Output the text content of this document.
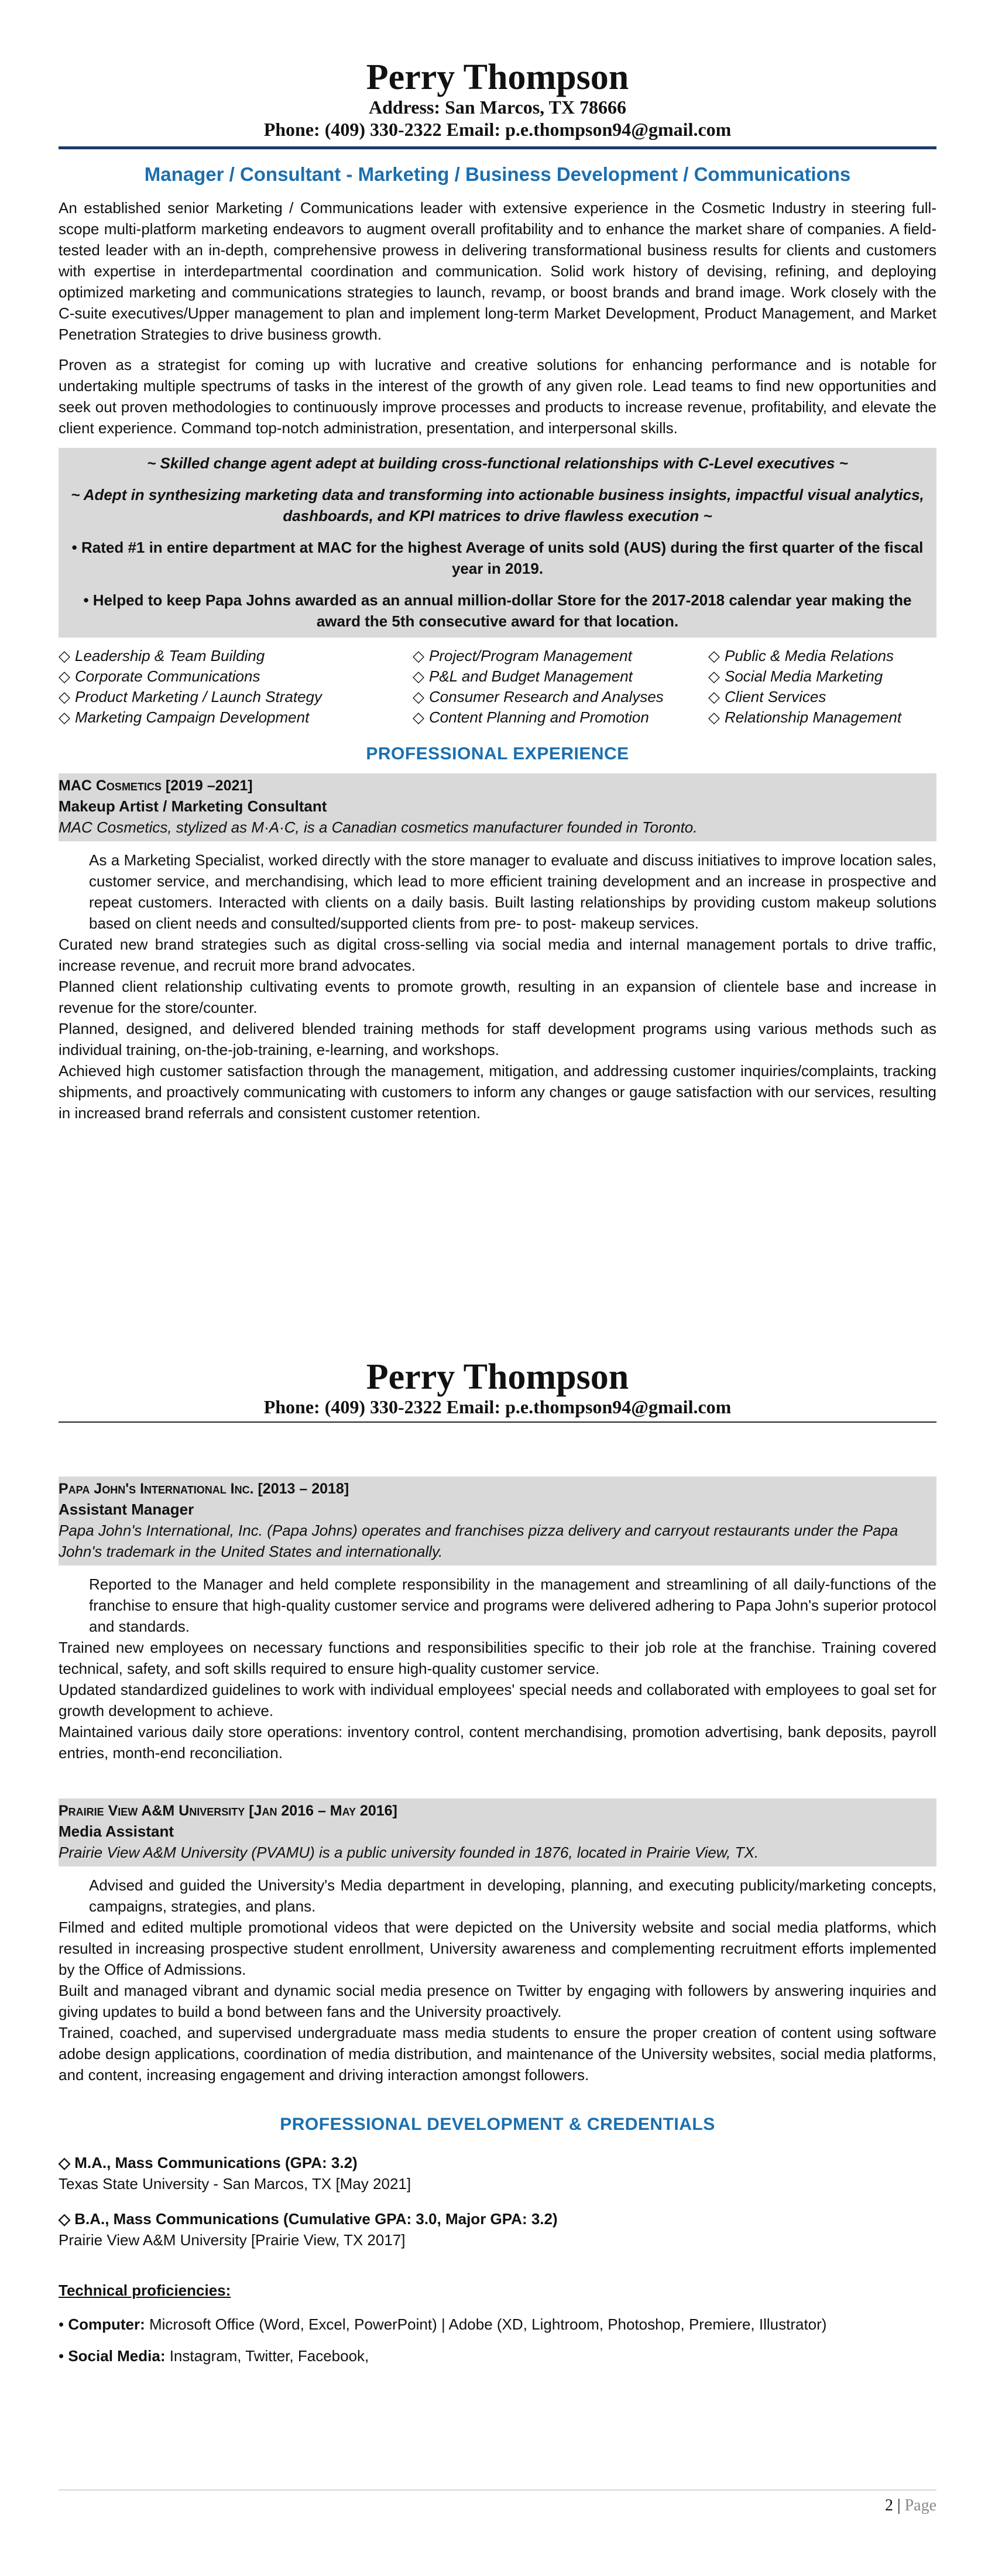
Perry Thompson
Address: San Marcos, TX 78666
Phone: (409) 330-2322 Email: p.e.thompson94@gmail.com
Manager / Consultant - Marketing / Business Development / Communications

An established senior Marketing / Communications leader with extensive experience in the Cosmetic Industry in steering full-scope multi-platform marketing endeavors to augment overall profitability and to enhance the market share of companies. A field-tested leader with an in-depth, comprehensive prowess in delivering transformational business results for clients and customers with expertise in interdepartmental coordination and communication. Solid work history of devising, refining, and deploying optimized marketing and communications strategies to launch, revamp, or boost brands and brand image. Work closely with the C-suite executives/Upper management to plan and implement long-term Market Development, Product Management, and Market Penetration Strategies to drive business growth.

Proven as a strategist for coming up with lucrative and creative solutions for enhancing performance and is notable for undertaking multiple spectrums of tasks in the interest of the growth of any given role. Lead teams to find new opportunities and seek out proven methodologies to continuously improve processes and products to increase revenue, profitability, and elevate the client experience. Command top-notch administration, presentation, and interpersonal skills.

~ Skilled change agent adept at building cross-functional relationships with C-Level executives ~

~ Adept in synthesizing marketing data and transforming into actionable business insights, impactful visual analytics, dashboards, and KPI matrices to drive flawless execution ~

• Rated #1 in entire department at MAC for the highest Average of units sold (AUS) during the first quarter of the fiscal year in 2019.

• Helped to keep Papa Johns awarded as an annual million-dollar Store for the 2017-2018 calendar year making the award the 5th consecutive award for that location.

◇ Leadership & Team Building
◇ Corporate Communications
◇ Product Marketing / Launch Strategy
◇ Marketing Campaign Development
◇ Project/Program Management
◇ P&L and Budget Management
◇ Consumer Research and Analyses
◇ Content Planning and Promotion
◇ Public & Media Relations
◇ Social Media Marketing
◇ Client Services
◇ Relationship Management
PROFESSIONAL EXPERIENCE
MAC Cosmetics [2019 –2021]
Makeup Artist / Marketing Consultant
MAC Cosmetics, stylized as M·A·C, is a Canadian cosmetics manufacturer founded in Toronto.

As a Marketing Specialist, worked directly with the store manager to evaluate and discuss initiatives to improve location sales, customer service, and merchandising, which lead to more efficient training development and an increase in prospective and repeat customers. Interacted with clients on a daily basis. Built lasting relationships by providing custom makeup solutions based on client needs and consulted/supported clients from pre- to post- makeup services.

Curated new brand strategies such as digital cross-selling via social media and internal management portals to drive traffic, increase revenue, and recruit more brand advocates.

Planned client relationship cultivating events to promote growth, resulting in an expansion of clientele base and increase in revenue for the store/counter.

Planned, designed, and delivered blended training methods for staff development programs using various methods such as individual training, on-the-job-training, e-learning, and workshops.

Achieved high customer satisfaction through the management, mitigation, and addressing customer inquiries/complaints, tracking shipments, and proactively communicating with customers to inform any changes or gauge satisfaction with our services, resulting in increased brand referrals and consistent customer retention.

Perry Thompson
Phone: (409) 330-2322 Email: p.e.thompson94@gmail.com
Papa John's International Inc. [2013 – 2018]
Assistant Manager
Papa John's International, Inc. (Papa Johns) operates and franchises pizza delivery and carryout restaurants under the Papa John's trademark in the United States and internationally.

Reported to the Manager and held complete responsibility in the management and streamlining of all daily-functions of the franchise to ensure that high-quality customer service and programs were delivered adhering to Papa John's superior protocol and standards.

Trained new employees on necessary functions and responsibilities specific to their job role at the franchise. Training covered technical, safety, and soft skills required to ensure high-quality customer service.

Updated standardized guidelines to work with individual employees' special needs and collaborated with employees to goal set for growth development to achieve.

Maintained various daily store operations: inventory control, content merchandising, promotion advertising, bank deposits, payroll entries, month-end reconciliation.

Prairie View A&M University [Jan 2016 – May 2016]
Media Assistant
Prairie View A&M University (PVAMU) is a public university founded in 1876, located in Prairie View, TX.

Advised and guided the University's Media department in developing, planning, and executing publicity/marketing concepts, campaigns, strategies, and plans.

Filmed and edited multiple promotional videos that were depicted on the University website and social media platforms, which resulted in increasing prospective student enrollment, University awareness and complementing recruitment efforts implemented by the Office of Admissions.

Built and managed vibrant and dynamic social media presence on Twitter by engaging with followers by answering inquiries and giving updates to build a bond between fans and the University proactively.

Trained, coached, and supervised undergraduate mass media students to ensure the proper creation of content using software adobe design applications, coordination of media distribution, and maintenance of the University websites, social media platforms, and content, increasing engagement and driving interaction amongst followers.

PROFESSIONAL DEVELOPMENT & CREDENTIALS
◇ M.A., Mass Communications (GPA: 3.2)
Texas State University - San Marcos, TX [May 2021]
◇ B.A., Mass Communications (Cumulative GPA: 3.0, Major GPA: 3.2)
Prairie View A&M University [Prairie View, TX 2017]
Technical proficiencies:
• Computer: Microsoft Office (Word, Excel, PowerPoint) | Adobe (XD, Lightroom, Photoshop, Premiere, Illustrator)
• Social Media: Instagram, Twitter, Facebook,
2 | Page
